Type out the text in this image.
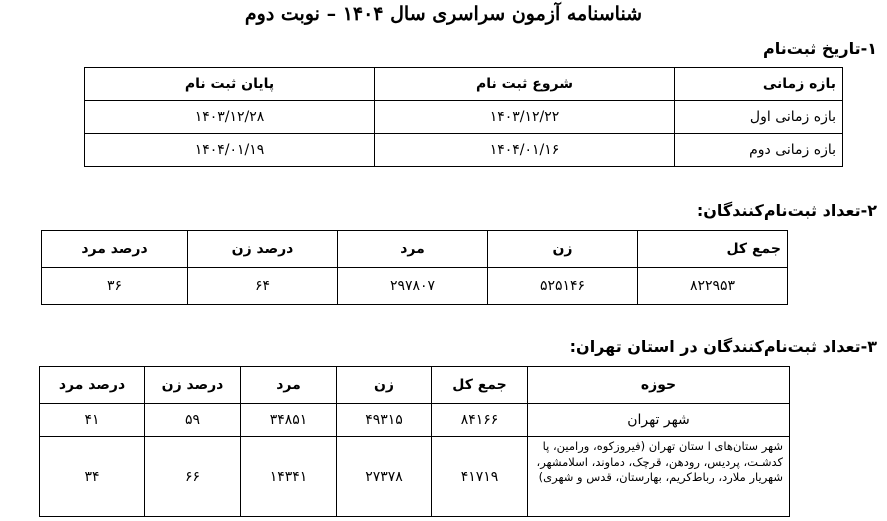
شناسنامه آزمون سراسری سال ۱۴۰۴ – نوبت دوم
۱-تاریخ ثبت‌نام
بازه زمانی	شروع ثبت نام	پایان ثبت نام
بازه زمانی اول	۱۴۰۳/۱۲/۲۲	۱۴۰۳/۱۲/۲۸
بازه زمانی دوم	۱۴۰۴/۰۱/۱۶	۱۴۰۴/۰۱/۱۹
۲-تعداد ثبت‌نام‌کنندگان:
جمع کل	زن	مرد	درصد زن	درصد مرد
۸۲۲۹۵۳	۵۲۵۱۴۶	۲۹۷۸۰۷	۶۴	۳۶
۳-تعداد ثبت‌نام‌کنندگان در استان تهران:
حوزه	جمع کل	زن	مرد	درصد زن	درصد مرد
شهر تهران	۸۴۱۶۶	۴۹۳۱۵	۳۴۸۵۱	۵۹	۴۱
شهر ستان‌های ا ستان تهران (فیروزکوه، ورامین، پا کدشـت، پردیس، رودهن، قرچک، دماوند، اسلامشهر، شهریار ملارد، رباط‌کریم، بهارستان، قدس و شهری)	۴۱۷۱۹	۲۷۳۷۸	۱۴۳۴۱	۶۶	۳۴
